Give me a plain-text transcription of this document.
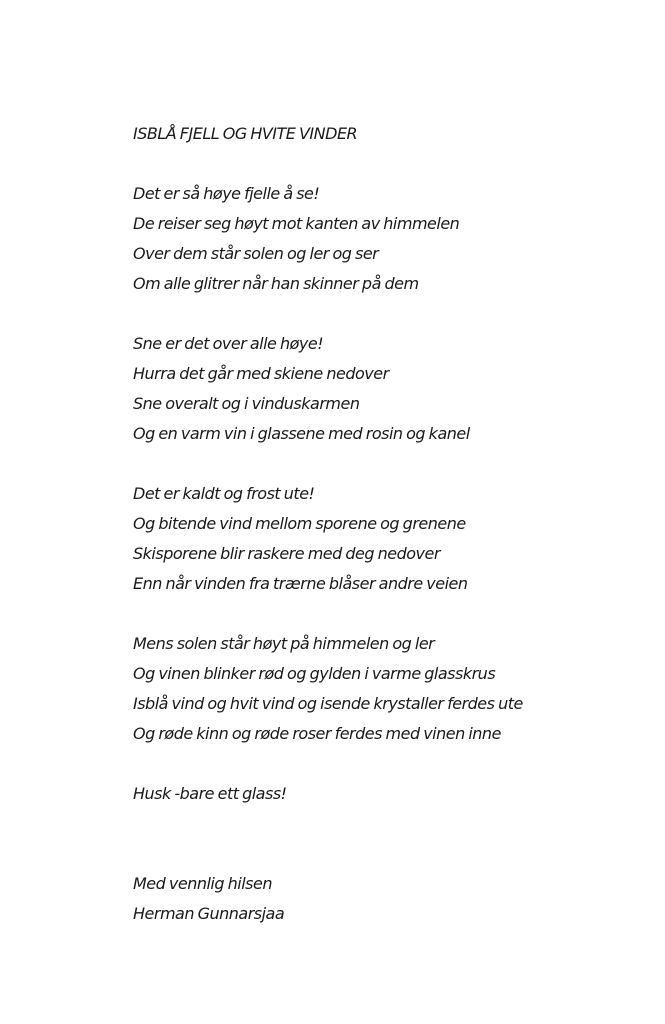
ISBLÅ FJELL OG HVITE VINDER
Det er så høye fjelle å se!
De reiser seg høyt mot kanten av himmelen
Over dem står solen og ler og ser
Om alle glitrer når han skinner på dem
Sne er det over alle høye!
Hurra det går med skiene nedover
Sne overalt og i vinduskarmen
Og en varm vin i glassene med rosin og kanel
Det er kaldt og frost ute!
Og bitende vind mellom sporene og grenene
Skisporene blir raskere med deg nedover
Enn når vinden fra trærne blåser andre veien
Mens solen står høyt på himmelen og ler
Og vinen blinker rød og gylden i varme glasskrus
Isblå vind og hvit vind og isende krystaller ferdes ute
Og røde kinn og røde roser ferdes med vinen inne
Husk -bare ett glass!
Med vennlig hilsen
Herman Gunnarsjaa
